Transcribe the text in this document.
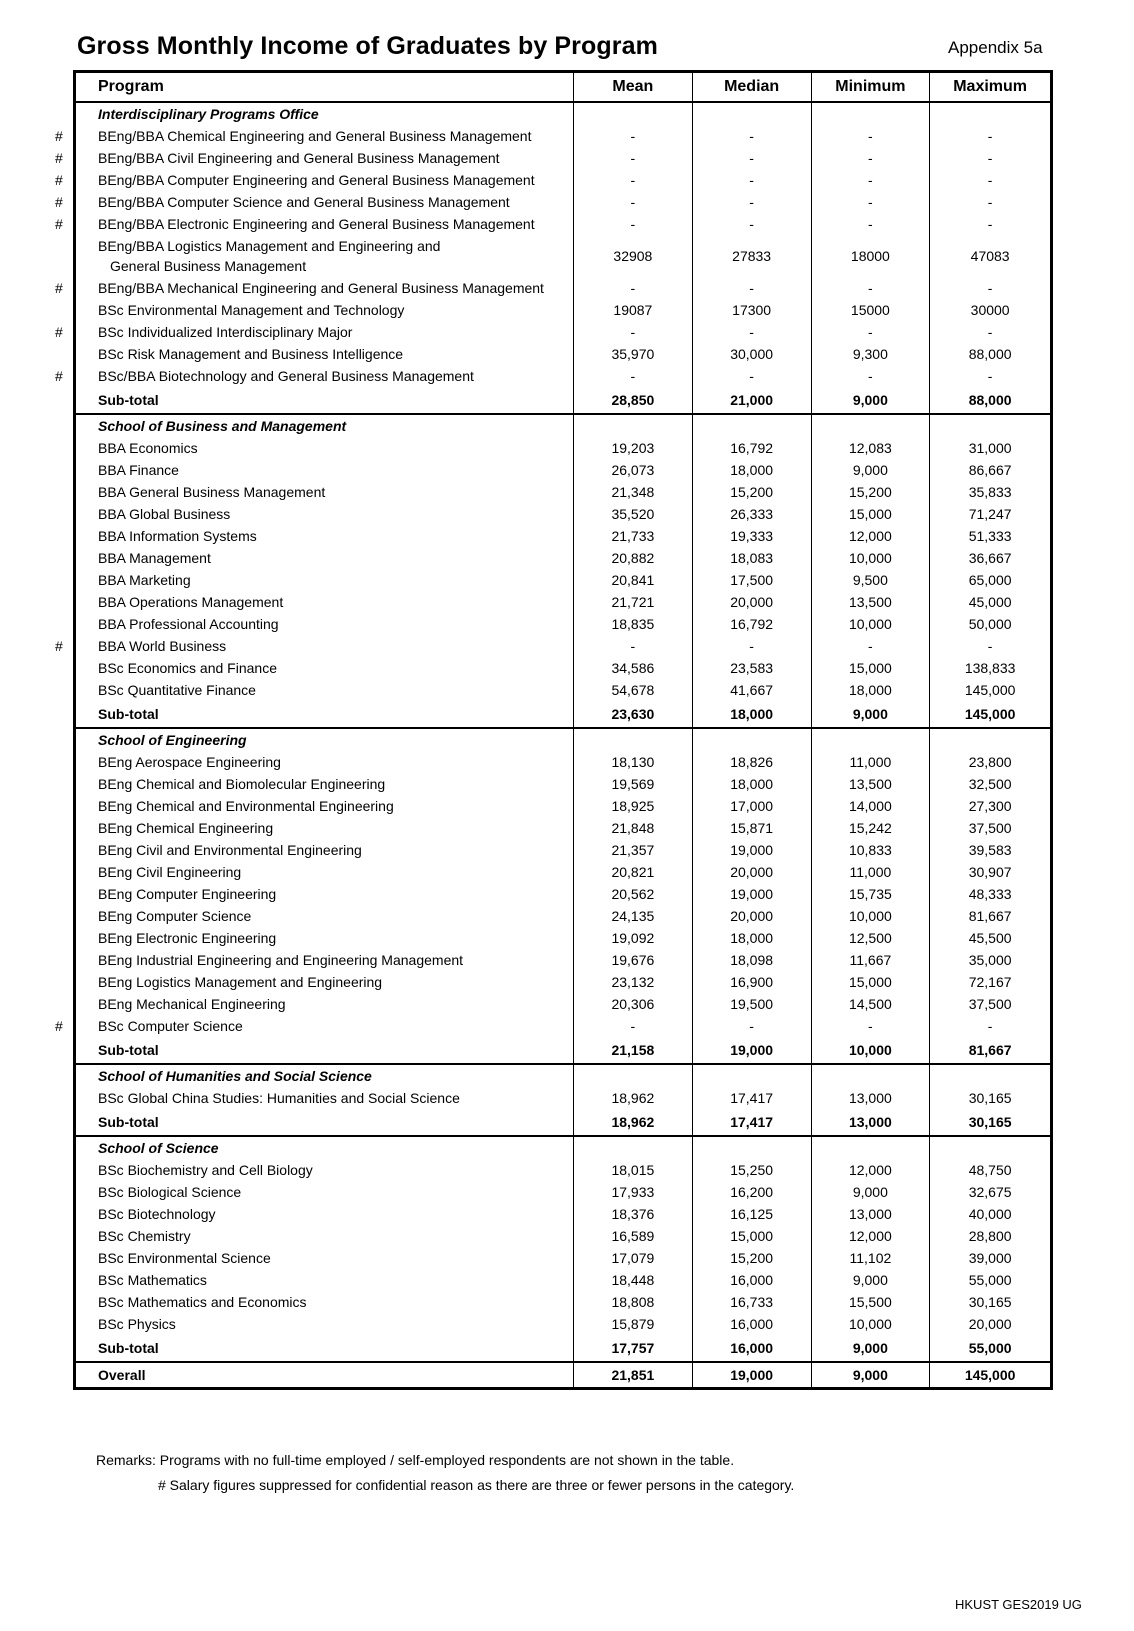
Gross Monthly Income of Graduates by Program	Appendix 5a
Program	Mean	Median	Minimum	Maximum
Interdisciplinary Programs Office
#	BEng/BBA Chemical Engineering and General Business Management	-	-	-	-
#	BEng/BBA Civil Engineering and General Business Management	-	-	-	-
#	BEng/BBA Computer Engineering and General Business Management	-	-	-	-
#	BEng/BBA Computer Science and General Business Management	-	-	-	-
#	BEng/BBA Electronic Engineering and General Business Management	-	-	-	-
BEng/BBA Logistics Management and Engineering and
General Business Management
32908	27833	18000	47083
#	BEng/BBA Mechanical Engineering and General Business Management	-	-	-	-
BSc Environmental Management and Technology	19087	17300	15000	30000
#	BSc Individualized Interdisciplinary Major	-	-	-	-
BSc Risk Management and Business Intelligence	35,970	30,000	9,300	88,000
#	BSc/BBA Biotechnology and General Business Management	-	-	-	-
Sub-total	28,850	21,000	9,000	88,000
School of Business and Management
BBA Economics	19,203	16,792	12,083	31,000
BBA Finance	26,073	18,000	9,000	86,667
BBA General Business Management	21,348	15,200	15,200	35,833
BBA Global Business	35,520	26,333	15,000	71,247
BBA Information Systems	21,733	19,333	12,000	51,333
BBA Management	20,882	18,083	10,000	36,667
BBA Marketing	20,841	17,500	9,500	65,000
BBA Operations Management	21,721	20,000	13,500	45,000
BBA Professional Accounting	18,835	16,792	10,000	50,000
#	BBA World Business	-	-	-	-
BSc Economics and Finance	34,586	23,583	15,000	138,833
BSc Quantitative Finance	54,678	41,667	18,000	145,000
Sub-total	23,630	18,000	9,000	145,000
School of Engineering
BEng Aerospace Engineering	18,130	18,826	11,000	23,800
BEng Chemical and Biomolecular Engineering	19,569	18,000	13,500	32,500
BEng Chemical and Environmental Engineering	18,925	17,000	14,000	27,300
BEng Chemical Engineering	21,848	15,871	15,242	37,500
BEng Civil and Environmental Engineering	21,357	19,000	10,833	39,583
BEng Civil Engineering	20,821	20,000	11,000	30,907
BEng Computer Engineering	20,562	19,000	15,735	48,333
BEng Computer Science	24,135	20,000	10,000	81,667
BEng Electronic Engineering	19,092	18,000	12,500	45,500
BEng Industrial Engineering and Engineering Management	19,676	18,098	11,667	35,000
BEng Logistics Management and Engineering	23,132	16,900	15,000	72,167
BEng Mechanical Engineering	20,306	19,500	14,500	37,500
#	BSc Computer Science	-	-	-	-
Sub-total	21,158	19,000	10,000	81,667
School of Humanities and Social Science
BSc Global China Studies: Humanities and Social Science	18,962	17,417	13,000	30,165
Sub-total	18,962	17,417	13,000	30,165
School of Science
BSc Biochemistry and Cell Biology	18,015	15,250	12,000	48,750
BSc Biological Science	17,933	16,200	9,000	32,675
BSc Biotechnology	18,376	16,125	13,000	40,000
BSc Chemistry	16,589	15,000	12,000	28,800
BSc Environmental Science	17,079	15,200	11,102	39,000
BSc Mathematics	18,448	16,000	9,000	55,000
BSc Mathematics and Economics	18,808	16,733	15,500	30,165
BSc Physics	15,879	16,000	10,000	20,000
Sub-total	17,757	16,000	9,000	55,000
Overall	21,851	19,000	9,000	145,000
Remarks: Programs with no full-time employed / self-employed respondents are not shown in the table.
# Salary figures suppressed for confidential reason as there are three or fewer persons in the category.
HKUST GES2019 UG
